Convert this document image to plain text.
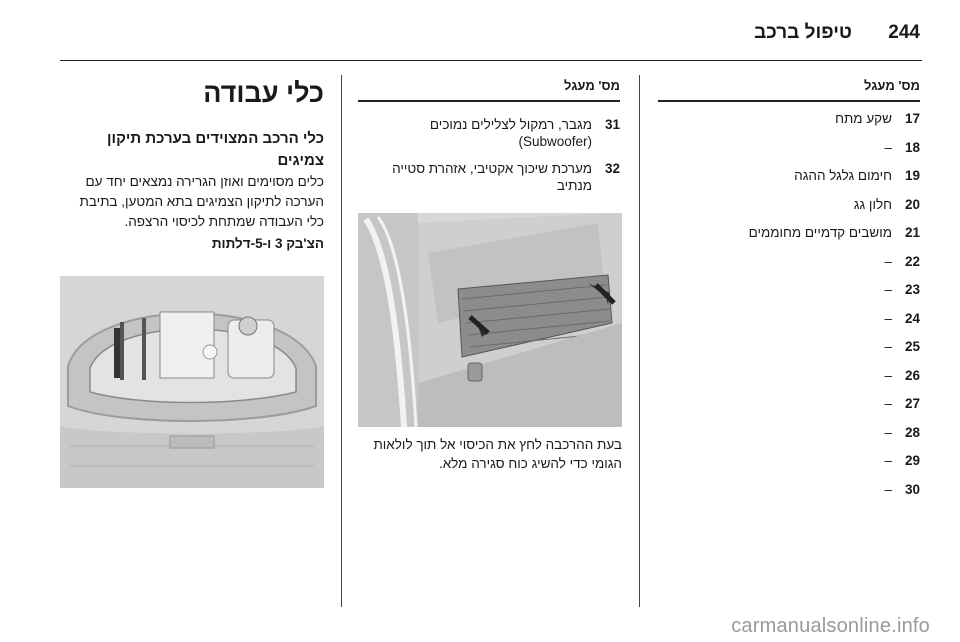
244
טיפול ברכב
מס' מעגל
17
שקע מתח
18
–
19
חימום גלגל ההגה
20
חלון גג
21
מושבים קדמיים מחוממים
22
–
23
–
24
–
25
–
26
–
27
–
28
–
29
–
30
–
מס' מעגל
31
מגבר, רמקול לצלילים נמוכים (Subwoofer)
32
מערכת שיכוך אקטיבי, אזהרת סטייה מנתיב
בעת ההרכבה לחץ את הכיסוי אל תוך לולאות הגומי כדי להשיג כוח סגירה מלא.
כלי עבודה
כלי הרכב המצוידים בערכת תיקון צמיגים

כלים מסוימים ואוזן הגרירה נמצאים יחד עם הערכה לתיקון הצמיגים בתא המטען, בתיבת כלי העבודה שמתחת לכיסוי הרצפה.

הצ'בק 3 ו-5-דלתות
carmanualsonline.info
